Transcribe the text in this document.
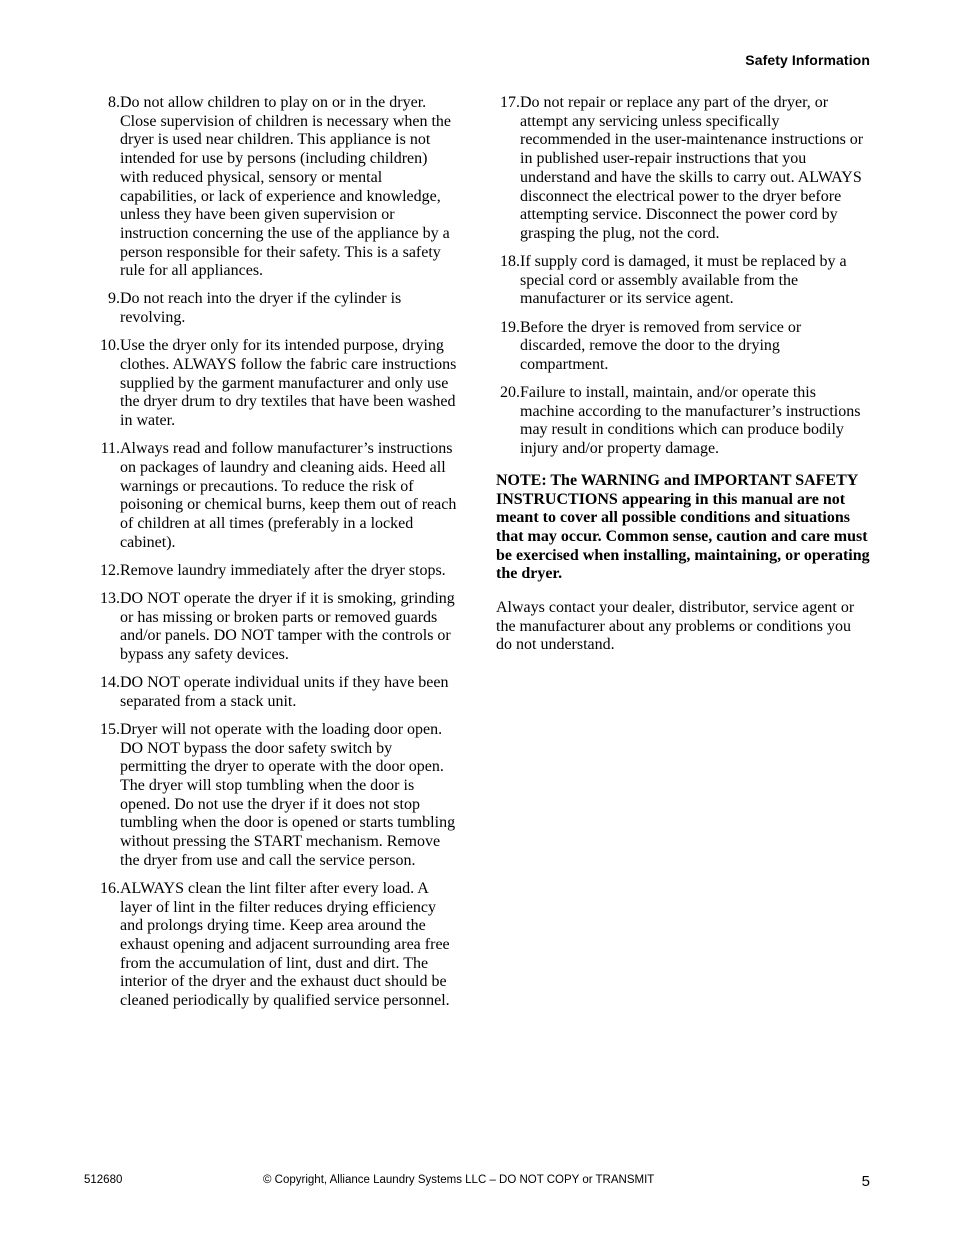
Safety Information
8. Do not allow children to play on or in the dryer. Close supervision of children is necessary when the dryer is used near children. This appliance is not intended for use by persons (including children) with reduced physical, sensory or mental capabilities, or lack of experience and knowledge, unless they have been given supervision or instruction concerning the use of the appliance by a person responsible for their safety. This is a safety rule for all appliances.
9. Do not reach into the dryer if the cylinder is revolving.
10. Use the dryer only for its intended purpose, drying clothes. ALWAYS follow the fabric care instructions supplied by the garment manufacturer and only use the dryer drum to dry textiles that have been washed in water.
11. Always read and follow manufacturer’s instructions on packages of laundry and cleaning aids. Heed all warnings or precautions. To reduce the risk of poisoning or chemical burns, keep them out of reach of children at all times (preferably in a locked cabinet).
12. Remove laundry immediately after the dryer stops.
13. DO NOT operate the dryer if it is smoking, grinding or has missing or broken parts or removed guards and/or panels. DO NOT tamper with the controls or bypass any safety devices.
14. DO NOT operate individual units if they have been separated from a stack unit.
15. Dryer will not operate with the loading door open. DO NOT bypass the door safety switch by permitting the dryer to operate with the door open. The dryer will stop tumbling when the door is opened. Do not use the dryer if it does not stop tumbling when the door is opened or starts tumbling without pressing the START mechanism. Remove the dryer from use and call the service person.
16. ALWAYS clean the lint filter after every load. A layer of lint in the filter reduces drying efficiency and prolongs drying time. Keep area around the exhaust opening and adjacent surrounding area free from the accumulation of lint, dust and dirt. The interior of the dryer and the exhaust duct should be cleaned periodically by qualified service personnel.
17. Do not repair or replace any part of the dryer, or attempt any servicing unless specifically recommended in the user-maintenance instructions or in published user-repair instructions that you understand and have the skills to carry out. ALWAYS disconnect the electrical power to the dryer before attempting service. Disconnect the power cord by grasping the plug, not the cord.
18. If supply cord is damaged, it must be replaced by a special cord or assembly available from the manufacturer or its service agent.
19. Before the dryer is removed from service or discarded, remove the door to the drying compartment.
20. Failure to install, maintain, and/or operate this machine according to the manufacturer’s instructions may result in conditions which can produce bodily injury and/or property damage.

NOTE: The WARNING and IMPORTANT SAFETY INSTRUCTIONS appearing in this manual are not meant to cover all possible conditions and situations that may occur. Common sense, caution and care must be exercised when installing, maintaining, or operating the dryer.

Always contact your dealer, distributor, service agent or the manufacturer about any problems or conditions you do not understand.

512680	© Copyright, Alliance Laundry Systems LLC – DO NOT COPY or TRANSMIT	5
